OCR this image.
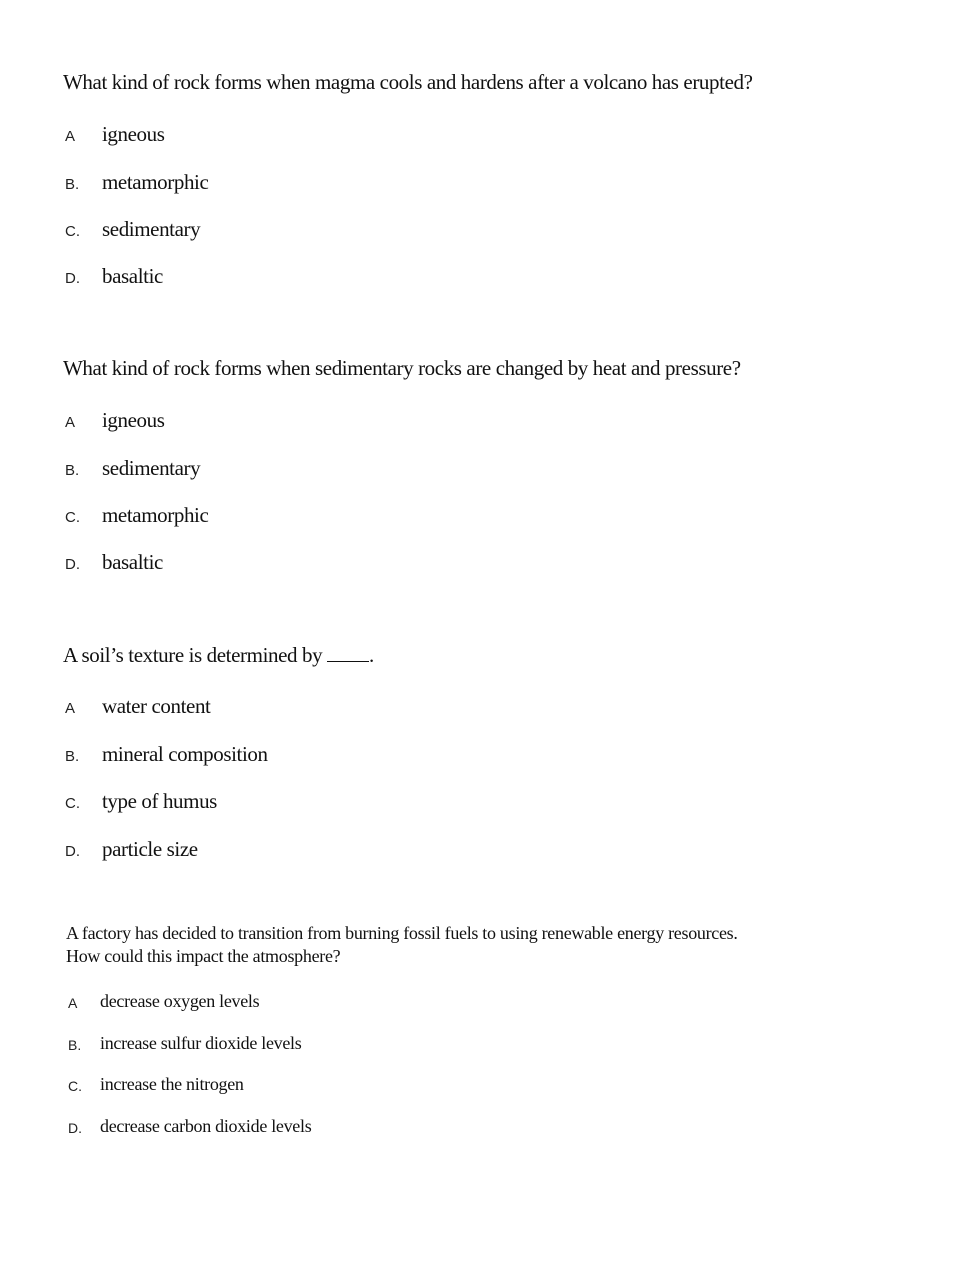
What kind of rock forms when magma cools and hardens after a volcano has erupted?

A igneous
B. metamorphic
C. sedimentary
D. basaltic

What kind of rock forms when sedimentary rocks are changed by heat and pressure?

A igneous
B. sedimentary
C. metamorphic
D. basaltic

A soil’s texture is determined by .

A water content
B. mineral composition
C. type of humus
D. particle size

A factory has decided to transition from burning fossil fuels to using renewable energy resources.
How could this impact the atmosphere?

A decrease oxygen levels
B. increase sulfur dioxide levels
C. increase the nitrogen
D. decrease carbon dioxide levels
